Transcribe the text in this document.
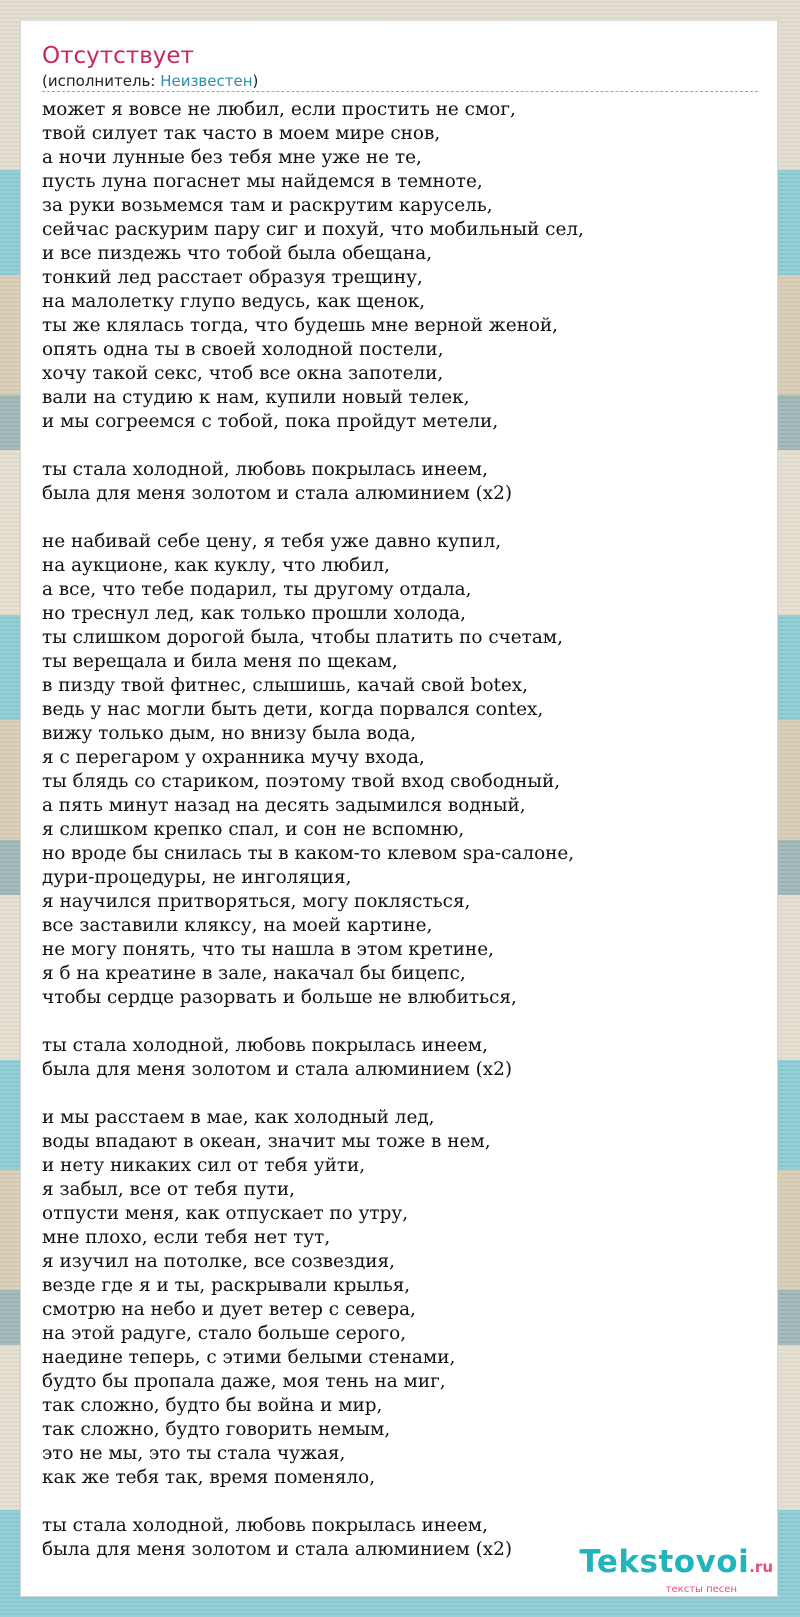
Отсутствует
(исполнитель: Неизвестен)
может я вовсе не любил, если простить не смог,
твой силует так часто в моем мире снов,
а ночи лунные без тебя мне уже не те,
пусть луна погаснет мы найдемся в темноте,
за руки возьмемся там и раскрутим карусель,
сейчас раскурим пару сиг и похуй, что мобильный сел,
и все пиздежь что тобой была обещана,
тонкий лед расстает образуя трещину,
на малолетку глупо ведусь, как щенок,
ты же клялась тогда, что будешь мне верной женой,
опять одна ты в своей холодной постели,
хочу такой секс, чтоб все окна запотели,
вали на студию к нам, купили новый телек,
и мы согреемся с тобой, пока пройдут метели,
ты стала холодной, любовь покрылась инеем,
была для меня золотом и стала алюминием (x2)
не набивай себе цену, я тебя уже давно купил,
на аукционе, как куклу, что любил,
а все, что тебе подарил, ты другому отдала,
но треснул лед, как только прошли холода,
ты слишком дорогой была, чтобы платить по счетам,
ты верещала и била меня по щекам,
в пизду твой фитнес, слышишь, качай свой botex,
ведь у нас могли быть дети, когда порвался contex,
вижу только дым, но внизу была вода,
я с перегаром у охранника мучу входа,
ты блядь со стариком, поэтому твой вход свободный,
а пять минут назад на десять задымился водный,
я слишком крепко спал, и сон не вспомню,
но вроде бы снилась ты в каком-то клевом spa-салоне,
дури-процедуры, не инголяция,
я научился притворяться, могу поклясться,
все заставили кляксу, на моей картине,
не могу понять, что ты нашла в этом кретине,
я б на креатине в зале, накачал бы бицепс,
чтобы сердце разорвать и больше не влюбиться,
ты стала холодной, любовь покрылась инеем,
была для меня золотом и стала алюминием (x2)
и мы расстаем в мае, как холодный лед,
воды впадают в океан, значит мы тоже в нем,
и нету никаких сил от тебя уйти,
я забыл, все от тебя пути,
отпусти меня, как отпускает по утру,
мне плохо, если тебя нет тут,
я изучил на потолке, все созвездия,
везде где я и ты, раскрывали крылья,
смотрю на небо и дует ветер с севера,
на этой радуге, стало больше серого,
наедине теперь, с этими белыми стенами,
будто бы пропала даже, моя тень на миг,
так сложно, будто бы война и мир,
так сложно, будто говорить немым,
это не мы, это ты стала чужая,
как же тебя так, время поменяло,
ты стала холодной, любовь покрылась инеем,
была для меня золотом и стала алюминием (x2)	Tekstovoi.ru
тексты песен
